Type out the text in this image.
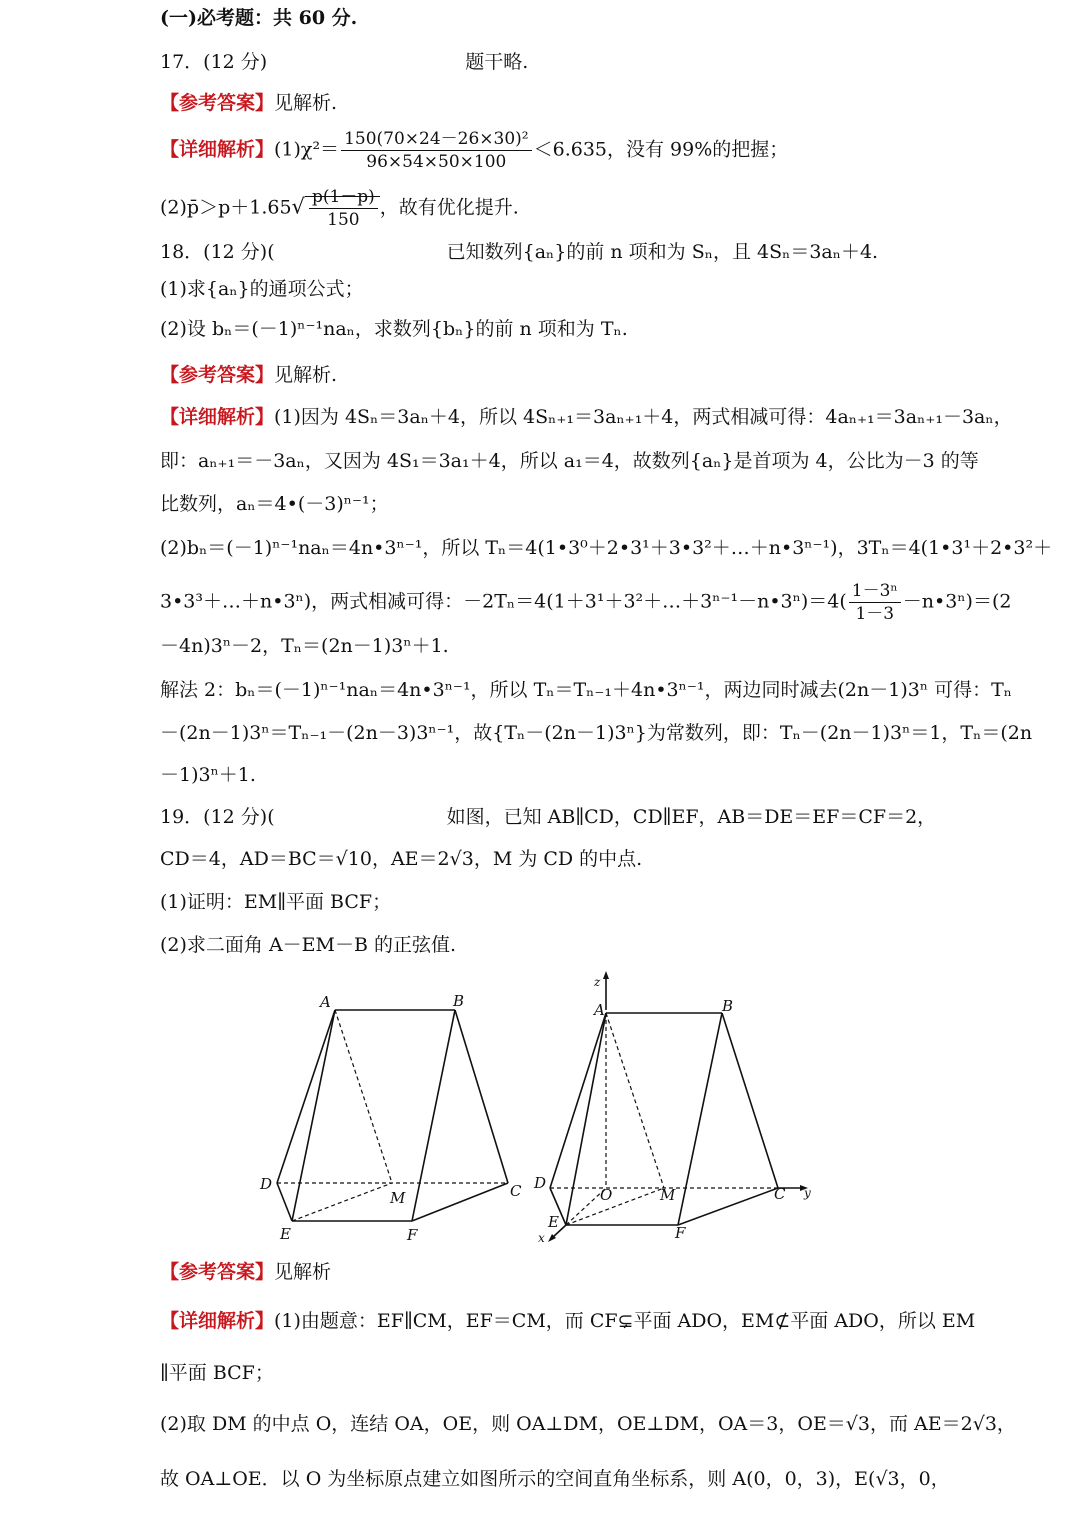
(一)必考题：共 60 分.
17．(12 分)	题干略.
【参考答案】见解析.
【详细解析】$(1)\chi^2= \frac{\text{150(70×24－26×30)²}}{96\times 54\times 50\times 100} <6.635$，没有 99%的把握；
(2)p̄＞p＋1.65√ $\frac{p(1-p)}{150}$ ，故有优化提升.
18．(12 分)(	已知数列{aₙ}的前 n 项和为 Sₙ，且 4Sₙ＝3aₙ＋4.
(1)求{aₙ}的通项公式；
(2)设 bₙ＝(－1)ⁿ⁻¹naₙ，求数列{bₙ}的前 n 项和为 Tₙ.
【参考答案】见解析.
【详细解析】(1)因为 4Sₙ＝3aₙ＋4，所以 4Sₙ₊₁＝3aₙ₊₁＋4，两式相减可得：4aₙ₊₁＝3aₙ₊₁－3aₙ，
即：aₙ₊₁＝－3aₙ，又因为 4S₁＝3a₁＋4，所以 a₁＝4，故数列{aₙ}是首项为 4，公比为－3 的等
比数列，aₙ＝4•(－3)ⁿ⁻¹；
(2)bₙ＝(－1)ⁿ⁻¹naₙ＝4n•3ⁿ⁻¹，所以 Tₙ＝4(1•3⁰＋2•3¹＋3•3²＋…＋n•3ⁿ⁻¹)，3Tₙ＝4(1•3¹＋2•3²＋
3•3³＋…＋n•3ⁿ)，两式相减可得：－2Tₙ＝4(1＋3¹＋3²＋…＋3ⁿ⁻¹－n•3ⁿ)＝4( $\frac{\text{1－3ⁿ}}{1-3}$ －n•3ⁿ)＝(2
－4n)3ⁿ－2，Tₙ＝(2n－1)3ⁿ＋1.
解法 2：bₙ＝(－1)ⁿ⁻¹naₙ＝4n•3ⁿ⁻¹，所以 Tₙ＝Tₙ₋₁＋4n•3ⁿ⁻¹，两边同时减去(2n－1)3ⁿ 可得：Tₙ
－(2n－1)3ⁿ＝Tₙ₋₁－(2n－3)3ⁿ⁻¹，故{Tₙ－(2n－1)3ⁿ}为常数列，即：Tₙ－(2n－1)3ⁿ＝1，Tₙ＝(2n
－1)3ⁿ＋1.
19．(12 分)(	如图，已知 AB∥CD，CD∥EF，AB＝DE＝EF＝CF＝2，
CD＝4，AD＝BC＝√10，AE＝2√3，M 为 CD 的中点.
(1)证明：EM∥平面 BCF；
(2)求二面角 A－EM－B 的正弦值.
A	B
C
D
E	F
M
z
A	B
C
D
E
F
M
O	y
x
【参考答案】见解析
【详细解析】(1)由题意：EF∥CM，EF＝CM，而 CF⊊平面 ADO，EM⊄平面 ADO，所以 EM
∥平面 BCF；
(2)取 DM 的中点 O，连结 OA，OE，则 OA⊥DM，OE⊥DM，OA＝3，OE＝√3，而 AE＝2√3，
故 OA⊥OE．以 O 为坐标原点建立如图所示的空间直角坐标系，则 A(0，0，3)，E(√3，0，
